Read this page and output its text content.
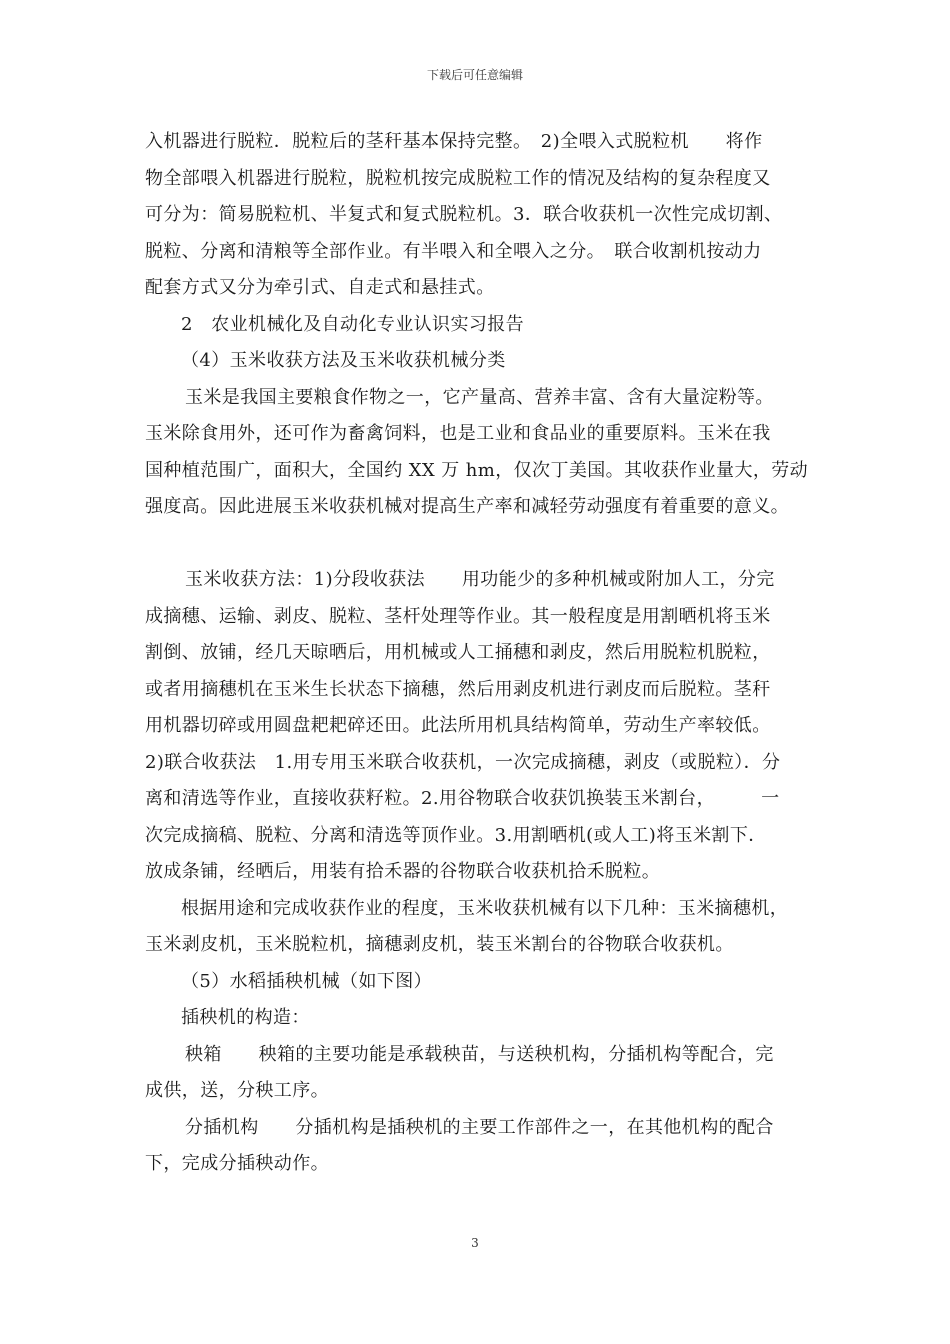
下载后可任意编辑
入机器进行脱粒．脱粒后的茎秆基本保持完整。　2)全喂入式脱粒机　　将作
物全部喂入机器进行脱粒，脱粒机按完成脱粒工作的情况及结构的复杂程度又
可分为：简易脱粒机、半复式和复式脱粒机。3．联合收获机一次性完成切割、
脱粒、分离和清粮等全部作业。有半喂入和全喂入之分。　联合收割机按动力
配套方式又分为牵引式、自走式和悬挂式。
2　农业机械化及自动化专业认识实习报告
（4）玉米收获方法及玉米收获机械分类
玉米是我国主要粮食作物之一，它产量高、营养丰富、含有大量淀粉等。
玉米除食用外，还可作为畜禽饲料，也是工业和食品业的重要原料。玉米在我
国种植范围广，面积大，全国约 XX 万 hm，仅次丁美国。其收获作业量大，劳动
强度高。因此进展玉米收获机械对提高生产率和减轻劳动强度有着重要的意义。
玉米收获方法：1)分段收获法　　用功能少的多种机械或附加人工，分完
成摘穗、运输、剥皮、脱粒、茎杆处理等作业。其一般程度是用割晒机将玉米
割倒、放铺，经几天晾晒后，用机械或人工捅穗和剥皮，然后用脱粒机脱粒，
或者用摘穗机在玉米生长状态下摘穗，然后用剥皮机进行剥皮而后脱粒。茎秆
用机器切碎或用圆盘耙耙碎还田。此法所用机具结构简单，劳动生产率较低。
2)联合收获法　1.用专用玉米联合收获机，一次完成摘穗，剥皮（或脱粒）．分
离和清选等作业，直接收获籽粒。2.用谷物联合收获饥换装玉米割台，　　　一
次完成摘稿、脱粒、分离和清选等顶作业。3.用割晒机(或人工)将玉米割下．
放成条铺，经晒后，用装有拾禾器的谷物联合收获机拾禾脱粒。
根据用途和完成收获作业的程度，玉米收获机械有以下几种：玉米摘穗机，
玉米剥皮机，玉米脱粒机，摘穗剥皮机，装玉米割台的谷物联合收获机。
（5）水稻插秧机械（如下图）
插秧机的构造：
秧箱　　秧箱的主要功能是承载秧苗，与送秧机构，分插机构等配合，完
成供，送，分秧工序。
分插机构　　分插机构是插秧机的主要工作部件之一，在其他机构的配合
下，完成分插秧动作。
3
